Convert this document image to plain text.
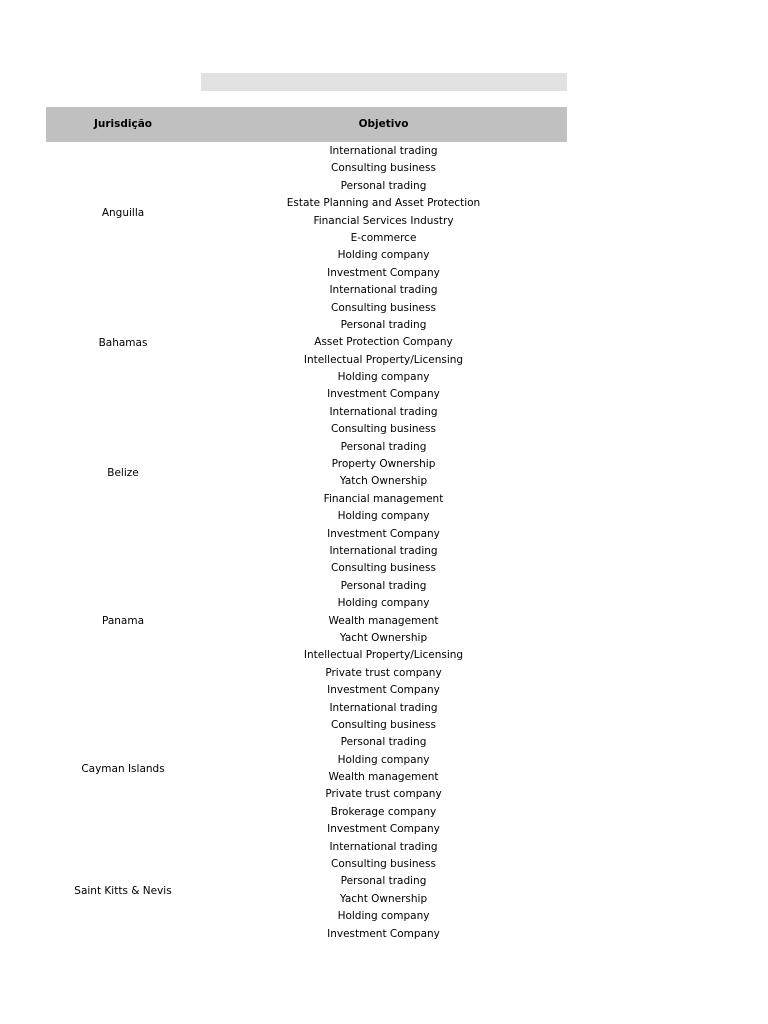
Jurisdição	Objetivo
Anguilla
International trading
Consulting business
Personal trading
Estate Planning and Asset Protection
Financial Services Industry
E-commerce
Holding company
Investment Company
Bahamas
International trading
Consulting business
Personal trading
Asset Protection Company
Intellectual Property/Licensing
Holding company
Investment Company
Belize
International trading
Consulting business
Personal trading
Property Ownership
Yatch Ownership
Financial management
Holding company
Investment Company
Panama
International trading
Consulting business
Personal trading
Holding company
Wealth management
Yacht Ownership
Intellectual Property/Licensing
Private trust company
Investment Company
Cayman Islands
International trading
Consulting business
Personal trading
Holding company
Wealth management
Private trust company
Brokerage company
Investment Company
Saint Kitts & Nevis
International trading
Consulting business
Personal trading
Yacht Ownership
Holding company
Investment Company
